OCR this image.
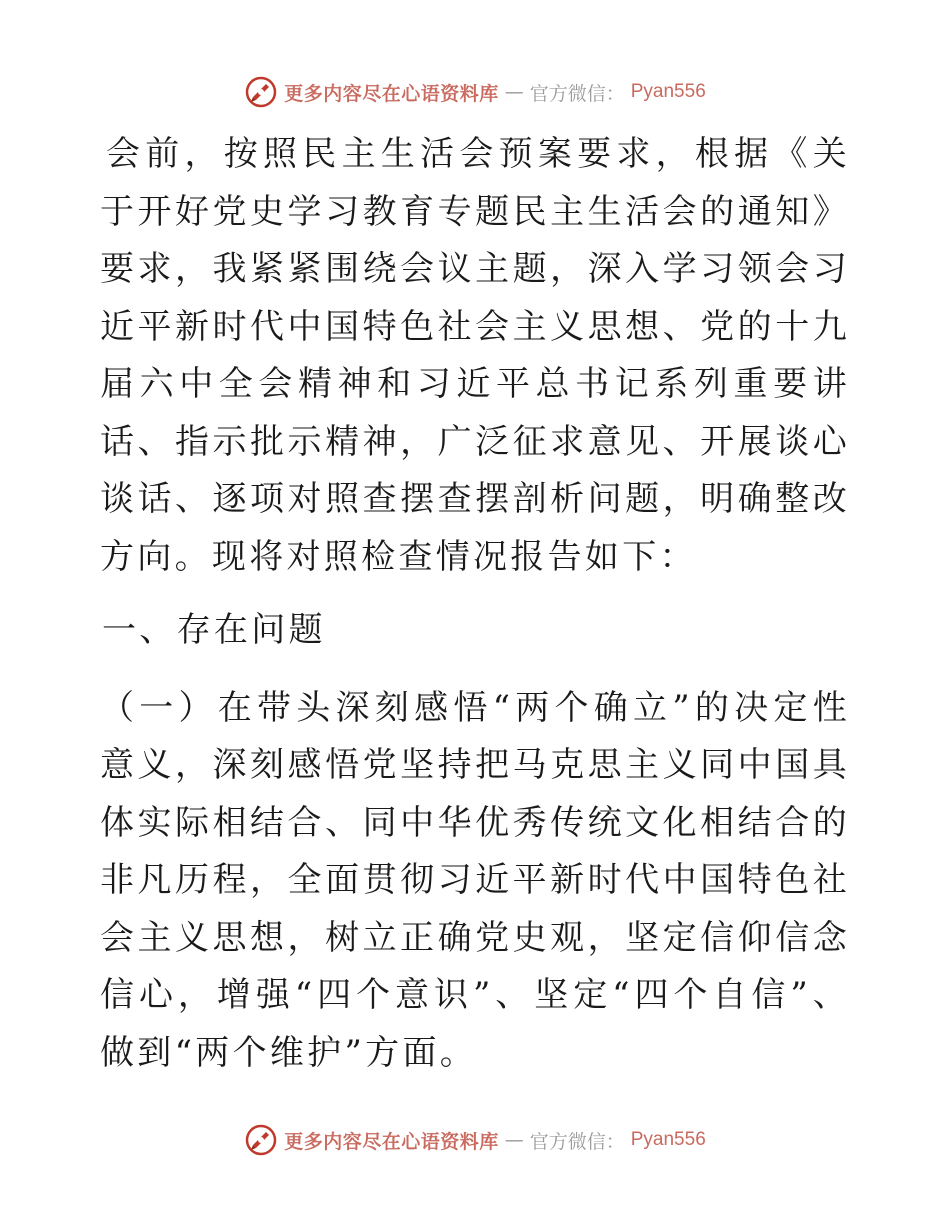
更多内容尽在心语资料库 — 官方微信： Pyan556

会前，按照民主生活会预案要求，根据《关于开好党史学习教育专题民主生活会的通知》要求，我紧紧围绕会议主题，深入学习领会习近平新时代中国特色社会主义思想、党的十九届六中全会精神和习近平总书记系列重要讲话、指示批示精神，广泛征求意见、开展谈心谈话、逐项对照查摆查摆剖析问题，明确整改方向。现将对照检查情况报告如下：

一、存在问题

（一）在带头深刻感悟“两个确立”的决定性意义，深刻感悟党坚持把马克思主义同中国具体实际相结合、同中华优秀传统文化相结合的非凡历程，全面贯彻习近平新时代中国特色社会主义思想，树立正确党史观，坚定信仰信念信心，增强“四个意识”、坚定“四个自信”、做到“两个维护”方面。

更多内容尽在心语资料库 — 官方微信： Pyan556
